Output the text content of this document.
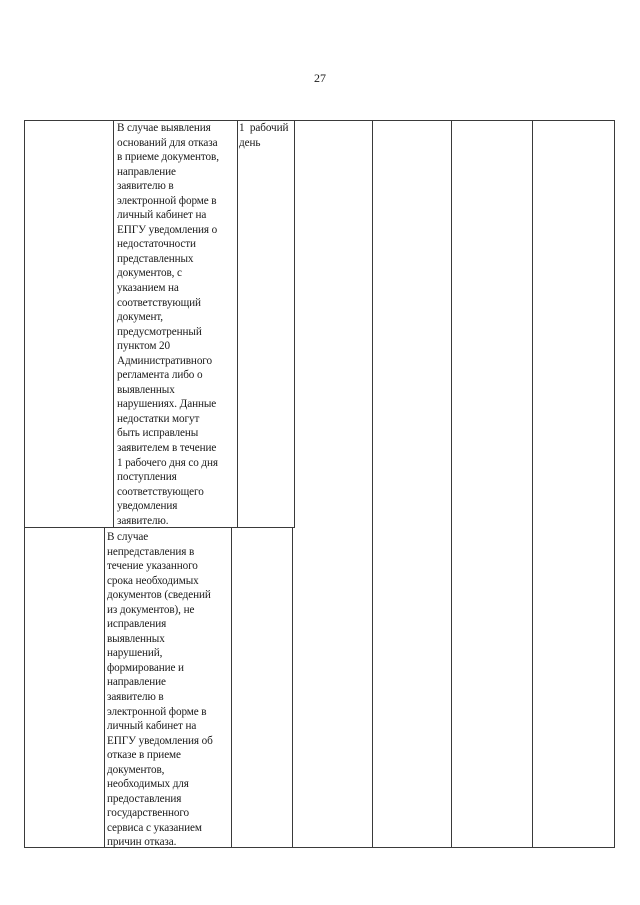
27
В случае выявления
оснований для отказа
в приеме документов,
направление
заявителю в
электронной форме в
личный кабинет на
ЕПГУ уведомления о
недостаточности
представленных
документов, с
указанием на
соответствующий
документ,
предусмотренный
пунктом 20
Административного
регламента либо о
выявленных
нарушениях. Данные
недостатки могут
быть исправлены
заявителем в течение
1 рабочего дня со дня
поступления
соответствующего
уведомления
заявителю.
1  рабочий
день
В случае
непредставления в
течение указанного
срока необходимых
документов (сведений
из документов), не
исправления
выявленных
нарушений,
формирование и
направление
заявителю в
электронной форме в
личный кабинет на
ЕПГУ уведомления об
отказе в приеме
документов,
необходимых для
предоставления
государственного
сервиса с указанием
причин отказа.
